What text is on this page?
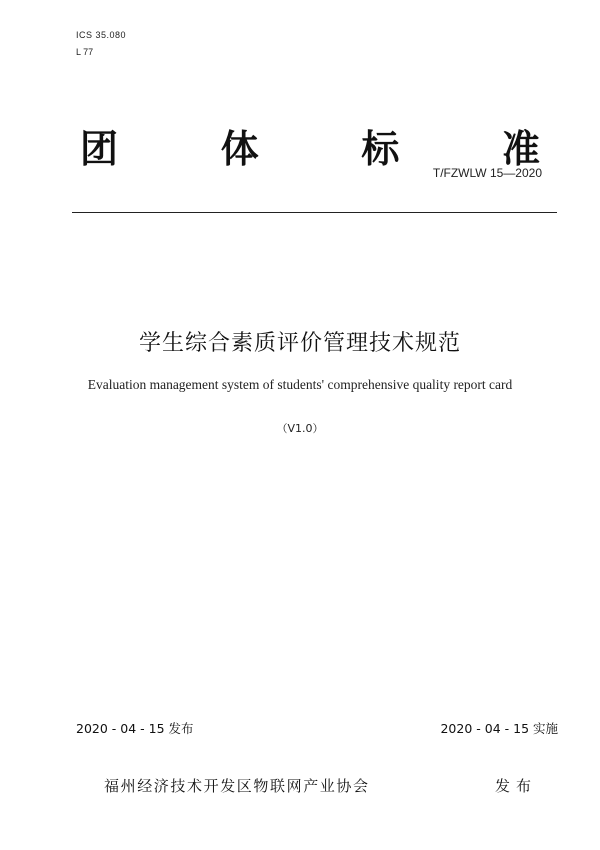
ICS 35.080
L 77
团	体	标	准
T/FZWLW 15—2020
学生综合素质评价管理技术规范
Evaluation management system of students' comprehensive quality report card
（V1.0）
2020 - 04 - 15 发布	2020 - 04 - 15 实施
福州经济技术开发区物联网产业协会	发布
